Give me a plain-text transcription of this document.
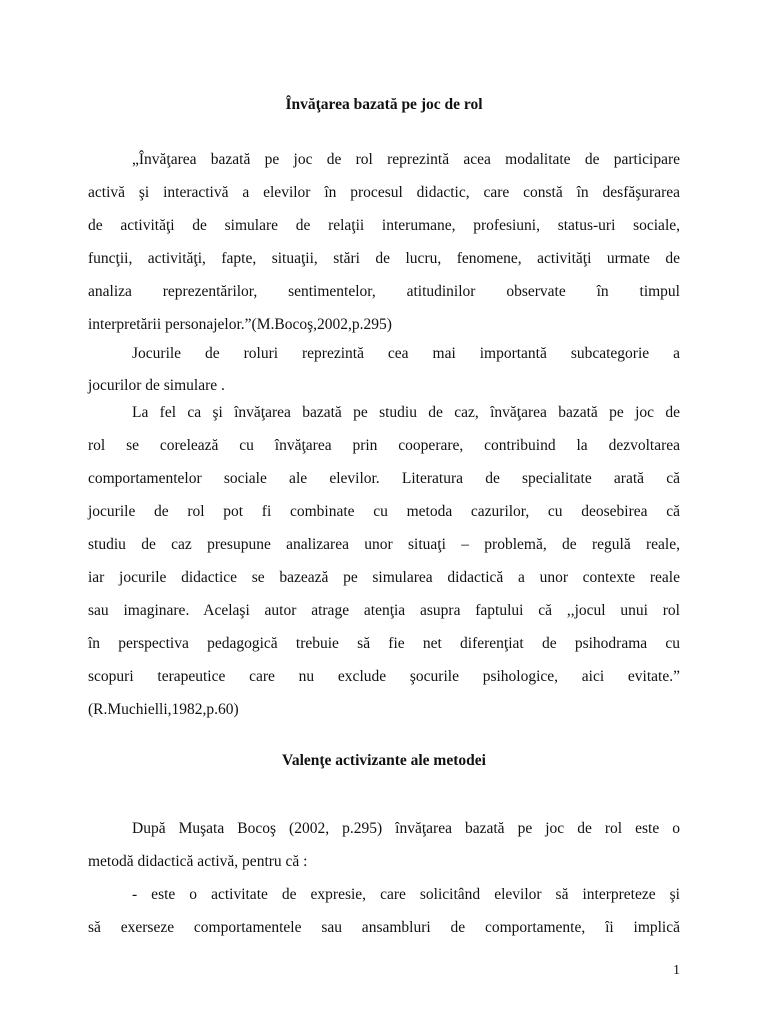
Învăţarea bazată pe joc de rol
Valenţe activizante ale metodei
„Învăţarea bazată pe joc de rol reprezintă acea modalitate de participare
activă şi interactivă a elevilor în procesul didactic, care constă în desfăşurarea
de activităţi de simulare de relaţii interumane, profesiuni, status-uri sociale,
funcţii, activităţi, fapte, situaţii, stări de lucru, fenomene, activităţi urmate de
analiza reprezentărilor, sentimentelor, atitudinilor observate în timpul
interpretării personajelor.”(M.Bocoş,2002,p.295)
Jocurile de roluri reprezintă cea mai importantă subcategorie a
jocurilor de simulare .
La fel ca şi învăţarea bazată pe studiu de caz, învăţarea bazată pe joc de
rol se corelează cu învăţarea prin cooperare, contribuind la dezvoltarea
comportamentelor sociale ale elevilor. Literatura de specialitate arată că
jocurile de rol pot fi combinate cu metoda cazurilor, cu deosebirea că
studiu de caz presupune analizarea unor situaţi – problemă, de regulă reale,
iar jocurile didactice se bazează pe simularea didactică a unor contexte reale
sau imaginare. Acelaşi autor atrage atenţia asupra faptului că ,,jocul unui rol
în perspectiva pedagogică trebuie să fie net diferenţiat de psihodrama cu
scopuri terapeutice care nu exclude şocurile psihologice, aici evitate.”
(R.Muchielli,1982,p.60)
După Muşata Bocoş (2002, p.295) învăţarea bazată pe joc de rol este o
metodă didactică activă, pentru că :
- este o activitate de expresie, care solicitând elevilor să interpreteze şi
să exerseze comportamentele sau ansambluri de comportamente, îi implică
1
